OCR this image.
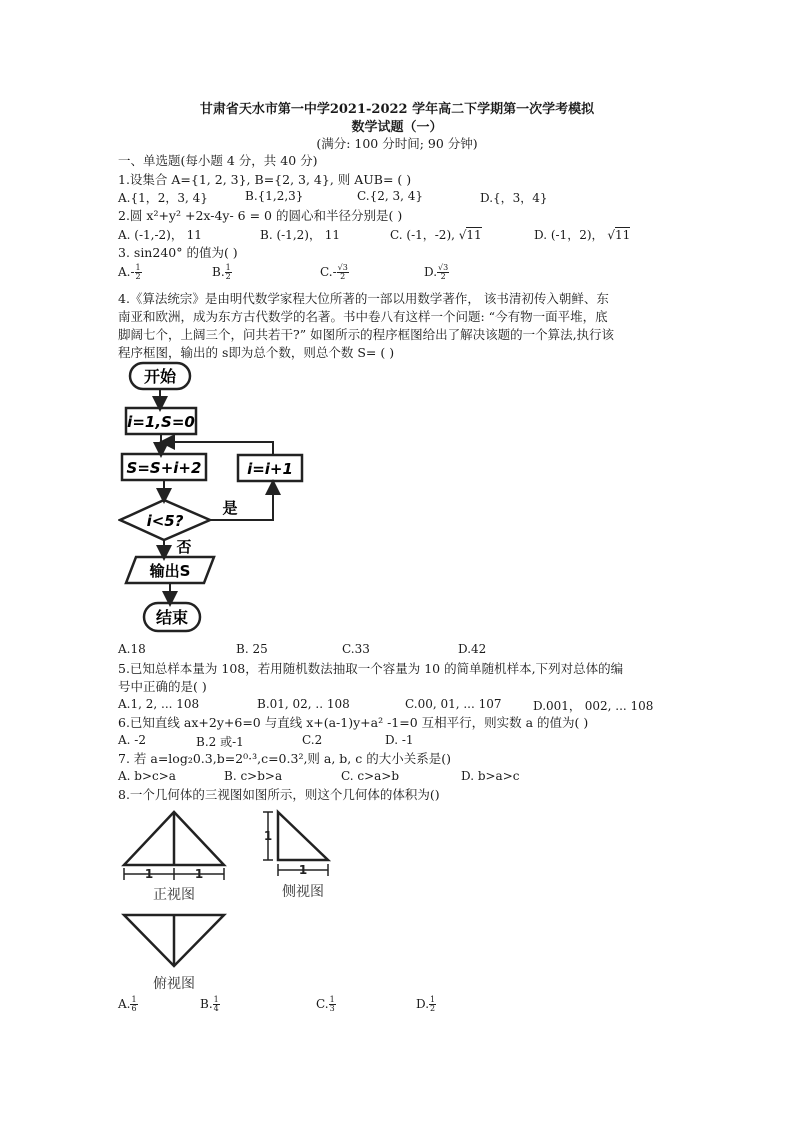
甘肃省天水市第一中学2021-2022 学年高二下学期第一次学考模拟
数学试题（一）
(满分: 100 分时间; 90 分钟)
一、单选题(每小题 4 分，共 40 分)
1.设集合 A={1, 2, 3}, B={2, 3, 4}, 则 AUB= ( )
A.{1，2，3, 4}	B.{1,2,3}	C.{2, 3, 4}	D.{，3，4}
2.圆 x²+y² +2x-4y- 6 = 0 的圆心和半径分别是( )
A. (-1,-2)， 11	B. (-1,2)， 11	C. (-1，-2), √11	D. (-1，2)， √11
3. sin240° 的值为( )
$A.- \frac{1}{2}$	B. $\frac{1}{2}$	$C.- \frac{√3}{2}$	D. $\frac{√3}{2}$
4.《算法统宗》是由明代数学家程大位所著的一部以用数学著作， 该书清初传入朝鲜、东
南亚和欧洲，成为东方古代数学的名著。书中卷八有这样一个问题: “今有物一面平堆，底
脚阔七个，上阔三个，问共若干?” 如图所示的程序框图给出了解决该题的一个算法,执行该
程序框图，输出的 s即为总个数，则总个数 S= ( )
开始
i=1,S=0
S=S+i+2	i=i+1
i<5?
是
否
输出S
结束
A.18	B. 25	C.33	D.42
5.已知总样本量为 108，若用随机数法抽取一个容量为 10 的简单随机样本,下列对总体的编
号中正确的是( )
A.1, 2, ... 108	B.01, 02, .. 108	C.00, 01, ... 107	D.001， 002, ... 108
6.已知直线 ax+2y+6=0 与直线 x+(a-1)y+a² -1=0 互相平行，则实数 a 的值为( )
A. -2	B.2 或-1	C.2	D. -1
7. 若 a=log₂0.3,b=2⁰·³,c=0.3²,则 a, b, c 的大小关系是()
A. b>c>a	B. c>b>a	C. c>a>b	D. b>a>c
8.一个几何体的三视图如图所示，则这个几何体的体积为()
1	1
正视图
1
1
侧视图
俯视图
A. $\frac{1}{6}$	B. $\frac{1}{4}$	C. $\frac{1}{3}$	D. $\frac{1}{2}$
